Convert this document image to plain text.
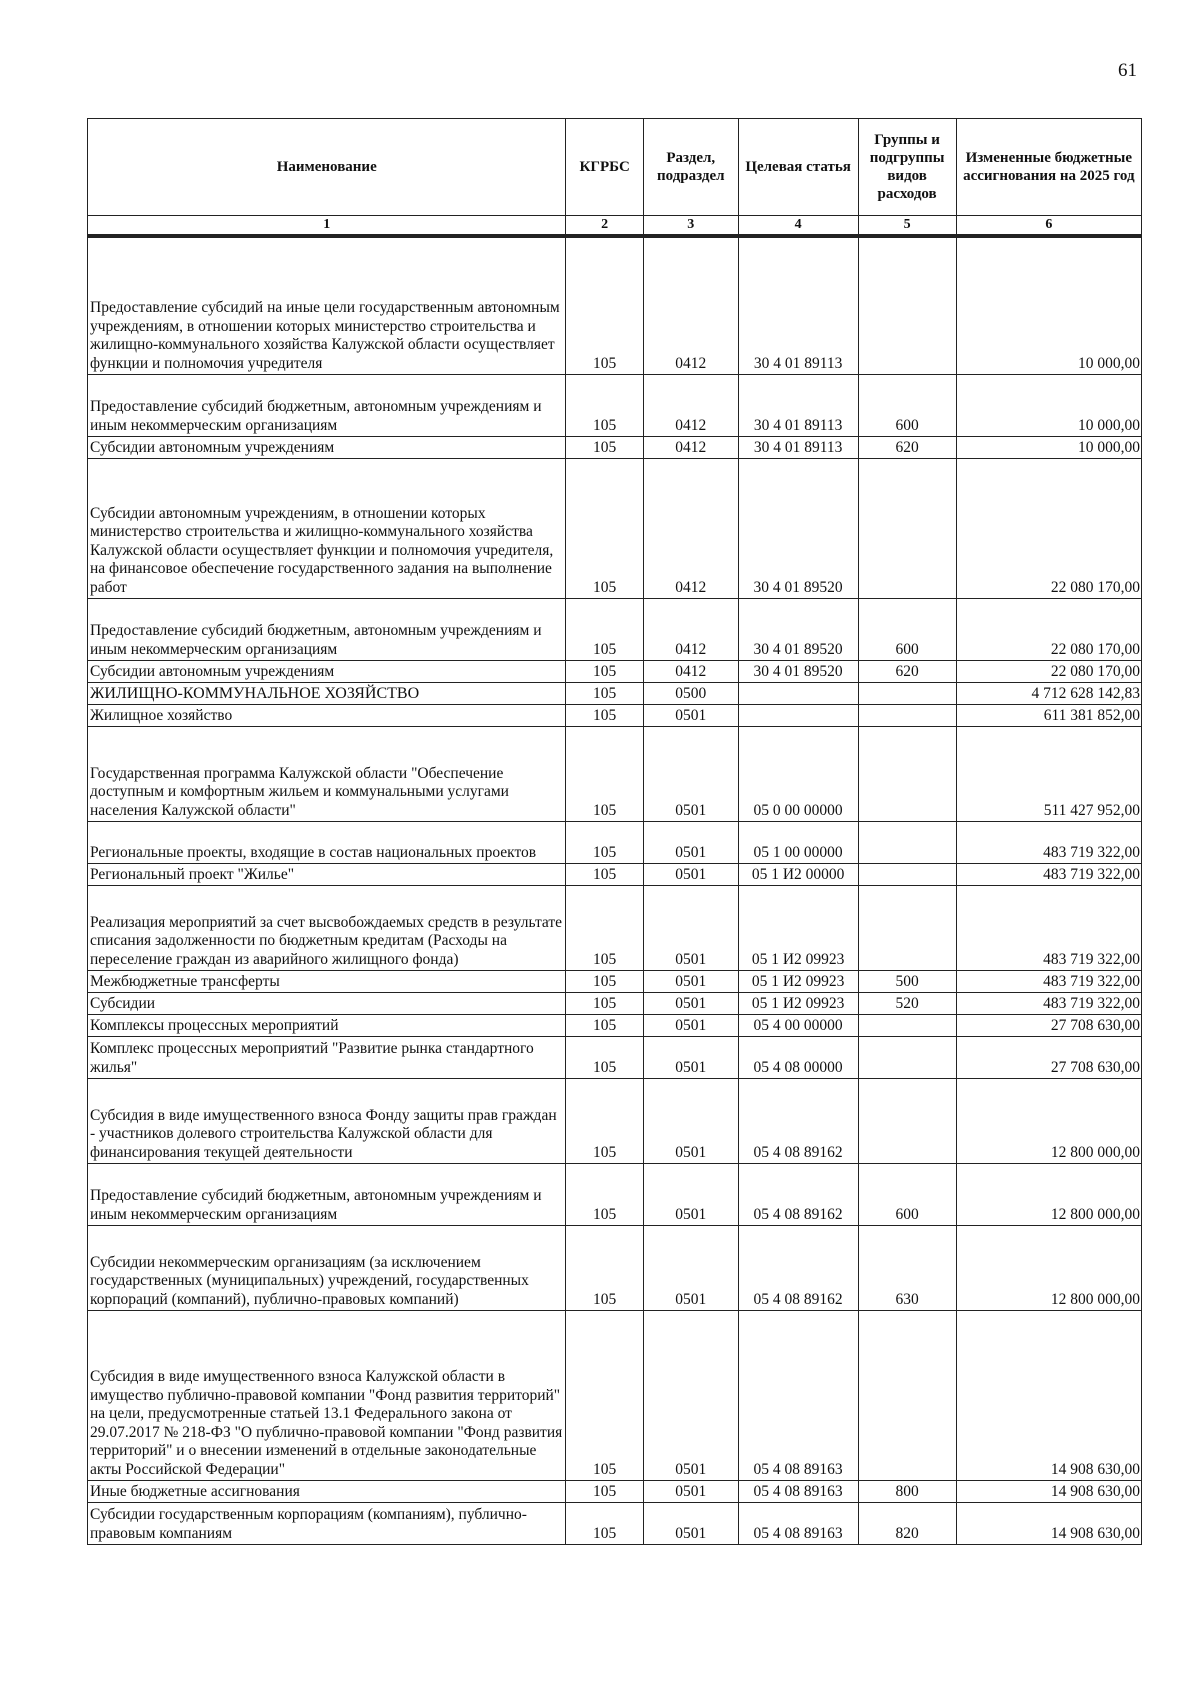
61
Наименование	КГРБС	Раздел, подраздел	Целевая статья	Группы и подгруппы видов расходов	Измененные бюджетные ассигнования на 2025 год
1	2	3	4	5	6
Предоставление субсидий на иные цели государственным автономным учреждениям, в отношении которых министерство строительства и жилищно-коммунального хозяйства Калужской области осуществляет функции и полномочия учредителя	105	0412	30 4 01 89113		10 000,00
Предоставление субсидий бюджетным, автономным учреждениям и иным некоммерческим организациям	105	0412	30 4 01 89113	600	10 000,00
Субсидии автономным учреждениям	105	0412	30 4 01 89113	620	10 000,00
Субсидии автономным учреждениям, в отношении которых министерство строительства и жилищно-коммунального хозяйства Калужской области осуществляет функции и полномочия учредителя, на финансовое обеспечение государственного задания на выполнение работ	105	0412	30 4 01 89520		22 080 170,00
Предоставление субсидий бюджетным, автономным учреждениям и иным некоммерческим организациям	105	0412	30 4 01 89520	600	22 080 170,00
Субсидии автономным учреждениям	105	0412	30 4 01 89520	620	22 080 170,00
ЖИЛИЩНО-КОММУНАЛЬНОЕ ХОЗЯЙСТВО	105	0500			4 712 628 142,83
Жилищное хозяйство	105	0501			611 381 852,00
Государственная программа Калужской области "Обеспечение доступным и комфортным жильем и коммунальными услугами населения Калужской области"	105	0501	05 0 00 00000		511 427 952,00
Региональные проекты, входящие в состав национальных проектов	105	0501	05 1 00 00000		483 719 322,00
Региональный проект "Жилье"	105	0501	05 1 И2 00000		483 719 322,00
Реализация мероприятий за счет высвобождаемых средств в результате списания задолженности по бюджетным кредитам (Расходы на переселение граждан из аварийного жилищного фонда)	105	0501	05 1 И2 09923		483 719 322,00
Межбюджетные трансферты	105	0501	05 1 И2 09923	500	483 719 322,00
Субсидии	105	0501	05 1 И2 09923	520	483 719 322,00
Комплексы процессных мероприятий	105	0501	05 4 00 00000		27 708 630,00
Комплекс процессных мероприятий "Развитие рынка стандартного жилья"	105	0501	05 4 08 00000		27 708 630,00
Субсидия в виде имущественного взноса Фонду защиты прав граждан - участников долевого строительства Калужской области для финансирования текущей деятельности	105	0501	05 4 08 89162		12 800 000,00
Предоставление субсидий бюджетным, автономным учреждениям и иным некоммерческим организациям	105	0501	05 4 08 89162	600	12 800 000,00
Субсидии некоммерческим организациям (за исключением государственных (муниципальных) учреждений, государственных корпораций (компаний), публично-правовых компаний)	105	0501	05 4 08 89162	630	12 800 000,00
Субсидия в виде имущественного взноса Калужской области в имущество публично-правовой компании "Фонд развития территорий" на цели, предусмотренные статьей 13.1 Федерального закона от 29.07.2017 № 218-ФЗ "О публично-правовой компании "Фонд развития территорий" и о внесении изменений в отдельные законодательные акты Российской Федерации"	105	0501	05 4 08 89163		14 908 630,00
Иные бюджетные ассигнования	105	0501	05 4 08 89163	800	14 908 630,00
Субсидии государственным корпорациям (компаниям), публично-правовым компаниям	105	0501	05 4 08 89163	820	14 908 630,00
